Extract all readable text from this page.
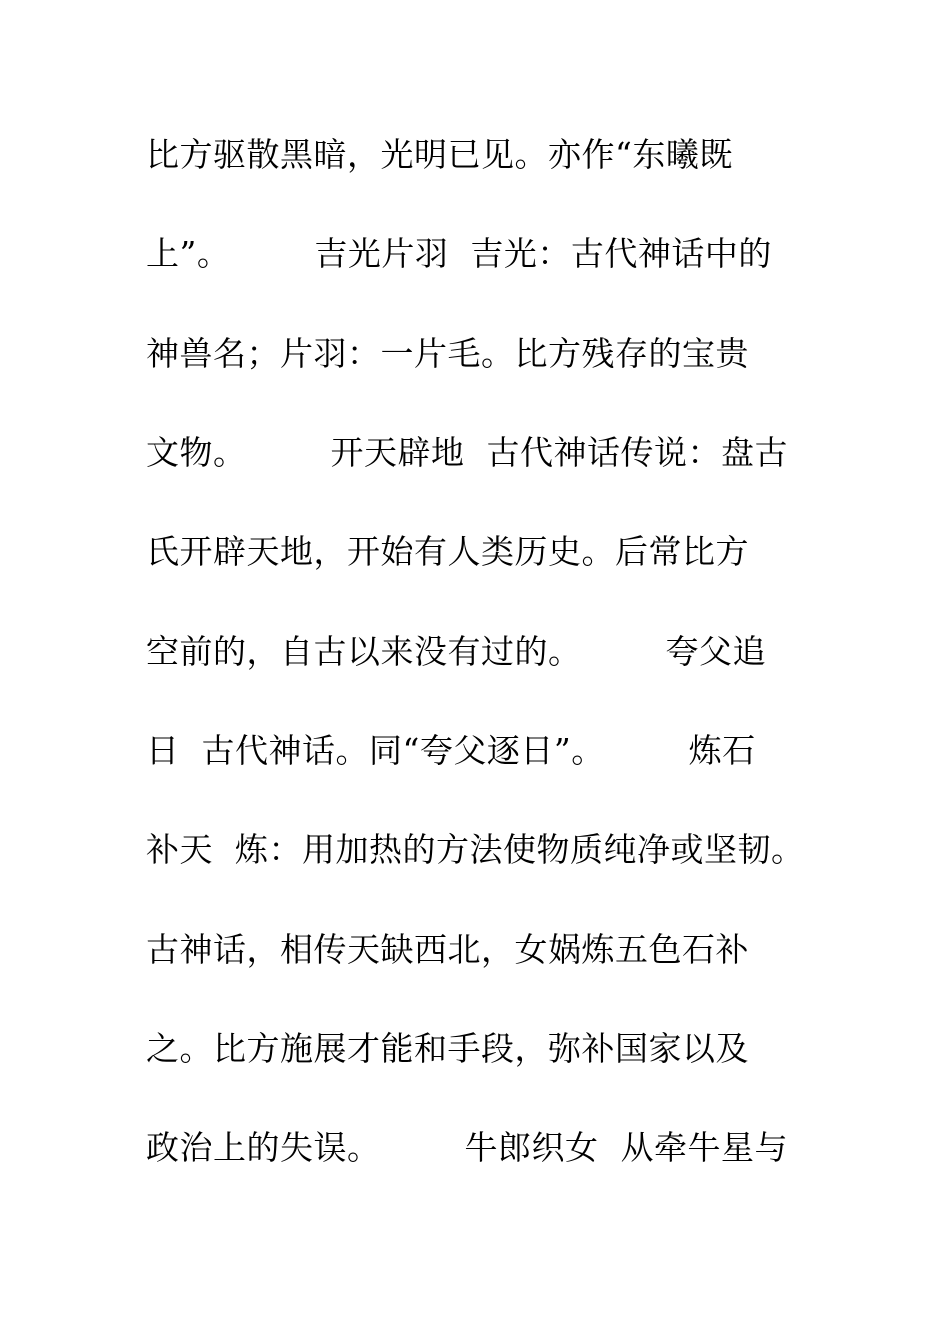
比方驱散黑暗，光明已见。亦作“东曦既
上”。　　　吉光片羽  吉光：古代神话中的
神兽名；片羽：一片毛。比方残存的宝贵
文物。　　　开天辟地  古代神话传说：盘古
氏开辟天地，开始有人类历史。后常比方
空前的，自古以来没有过的。　　　夸父追
日  古代神话。同“夸父逐日”。　　　炼石
补天  炼：用加热的方法使物质纯净或坚韧。
古神话，相传天缺西北，女娲炼五色石补
之。比方施展才能和手段，弥补国家以及
政治上的失误。　　　牛郎织女  从牵牛星与
